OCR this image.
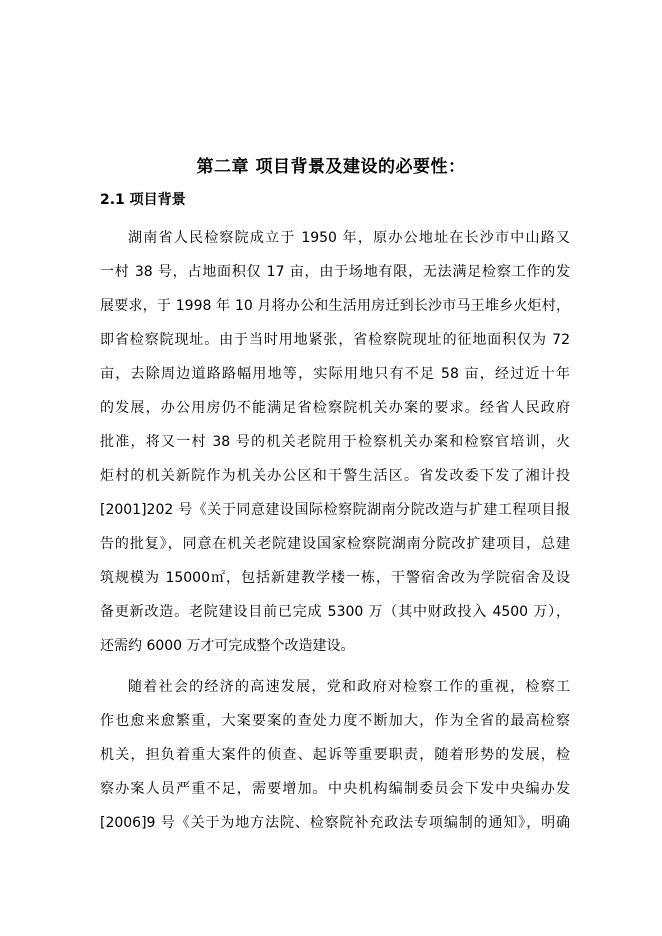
第二章 项目背景及建设的必要性：
2.1 项目背景
湖南省人民检察院成立于 1950 年，原办公地址在长沙市中山路又
一村 38 号，占地面积仅 17 亩，由于场地有限，无法满足检察工作的发
展要求，于 1998 年 10 月将办公和生活用房迁到长沙市马王堆乡火炬村，
即省检察院现址。由于当时用地紧张，省检察院现址的征地面积仅为 72
亩，去除周边道路路幅用地等，实际用地只有不足 58 亩，经过近十年
的发展，办公用房仍不能满足省检察院机关办案的要求。经省人民政府
批准，将又一村 38 号的机关老院用于检察机关办案和检察官培训，火
炬村的机关新院作为机关办公区和干警生活区。省发改委下发了湘计投
[2001]202 号《关于同意建设国际检察院湖南分院改造与扩建工程项目报
告的批复》，同意在机关老院建设国家检察院湖南分院改扩建项目，总建
筑规模为 15000㎡，包括新建教学楼一栋，干警宿舍改为学院宿舍及设
备更新改造。老院建设目前已完成 5300 万（其中财政投入 4500 万），
还需约 6000 万才可完成整个改造建设。
随着社会的经济的高速发展，党和政府对检察工作的重视，检察工
作也愈来愈繁重，大案要案的查处力度不断加大，作为全省的最高检察
机关，担负着重大案件的侦查、起诉等重要职责，随着形势的发展，检
察办案人员严重不足，需要增加。中央机构编制委员会下发中央编办发
[2006]9 号《关于为地方法院、检察院补充政法专项编制的通知》，明确
